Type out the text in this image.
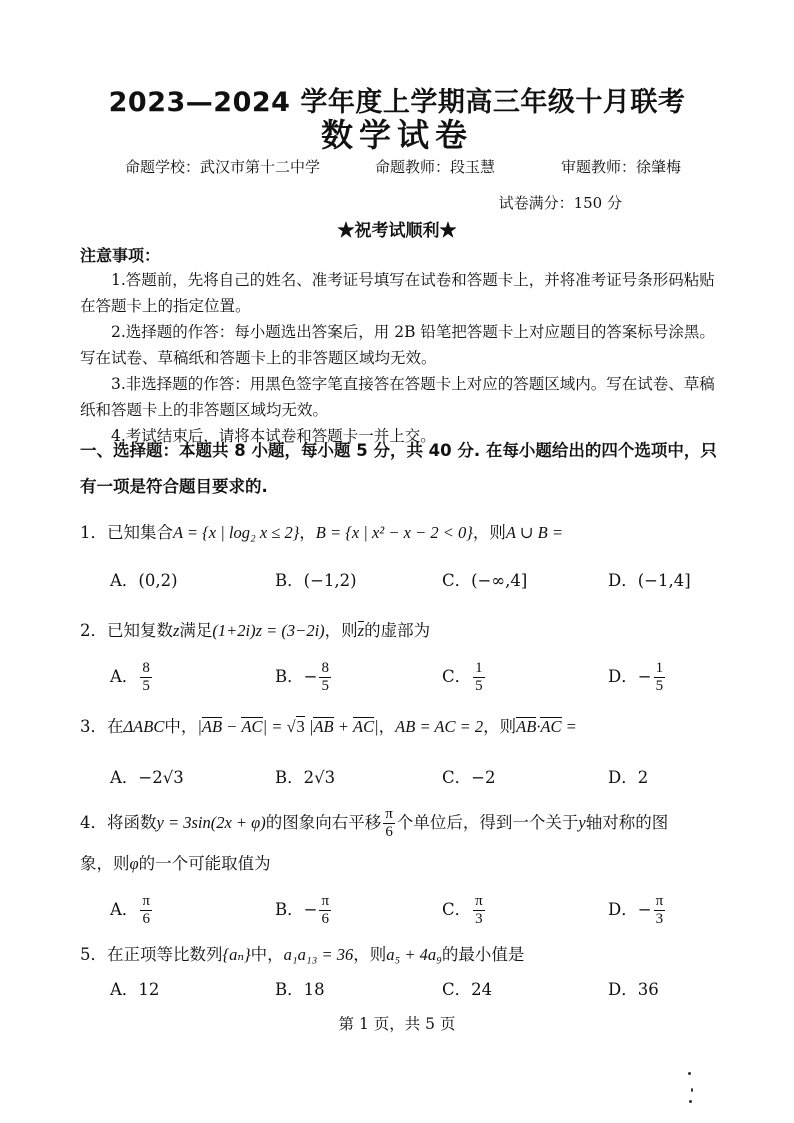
2023—2024 学年度上学期高三年级十月联考
数学试卷
命题学校：武汉市第十二中学	命题教师：段玉慧	审题教师：徐肇梅
试卷满分：150 分
★祝考试顺利★
注意事项：
1.答题前，先将自己的姓名、准考证号填写在试卷和答题卡上，并将准考证号条形码粘贴在答题卡上的指定位置。
2.选择题的作答：每小题选出答案后，用 2B 铅笔把答题卡上对应题目的答案标号涂黑。写在试卷、草稿纸和答题卡上的非答题区域均无效。
3.非选择题的作答：用黑色签字笔直接答在答题卡上对应的答题区域内。写在试卷、草稿纸和答题卡上的非答题区域均无效。
4.考试结束后，请将本试卷和答题卡一并上交。
一、选择题：本题共 8 小题，每小题 5 分，共 40 分. 在每小题给出的四个选项中，只有一项是符合题目要求的.
1．已知集合A = {x | log₂ x ≤ 2}，B = {x | x² − x − 2 < 0}，则A ∪ B =
A．(0,2)	B．(−1,2)	C．(−∞,4]	D．(−1,4]
2．已知复数z满足(1+2i)z = (3−2i)，则z的虚部为
A． $\frac{8}{5}$	B．− $\frac{8}{5}$	C． $\frac{1}{5}$	D．− $\frac{1}{5}$
3．在ΔABC中，|AB − AC| = √3 |AB + AC|，AB = AC = 2，则AB·AC =
A．−2√3	B．2√3	C．−2	D．2
4．将函数y = 3sin(2x + φ)的图象向右平移 $\frac{\pi}{6}$ 个单位后，得到一个关于y轴对称的图
象，则φ的一个可能取值为
A． $\frac{\pi}{6}$	B．− $\frac{\pi}{6}$	C． $\frac{\pi}{3}$	D．− $\frac{\pi}{3}$
5．在正项等比数列{aₙ}中，a₁a₁₃ = 36，则a₅ + 4a₉的最小值是
A．12	B．18	C．24	D．36
第 1 页，共 5 页
